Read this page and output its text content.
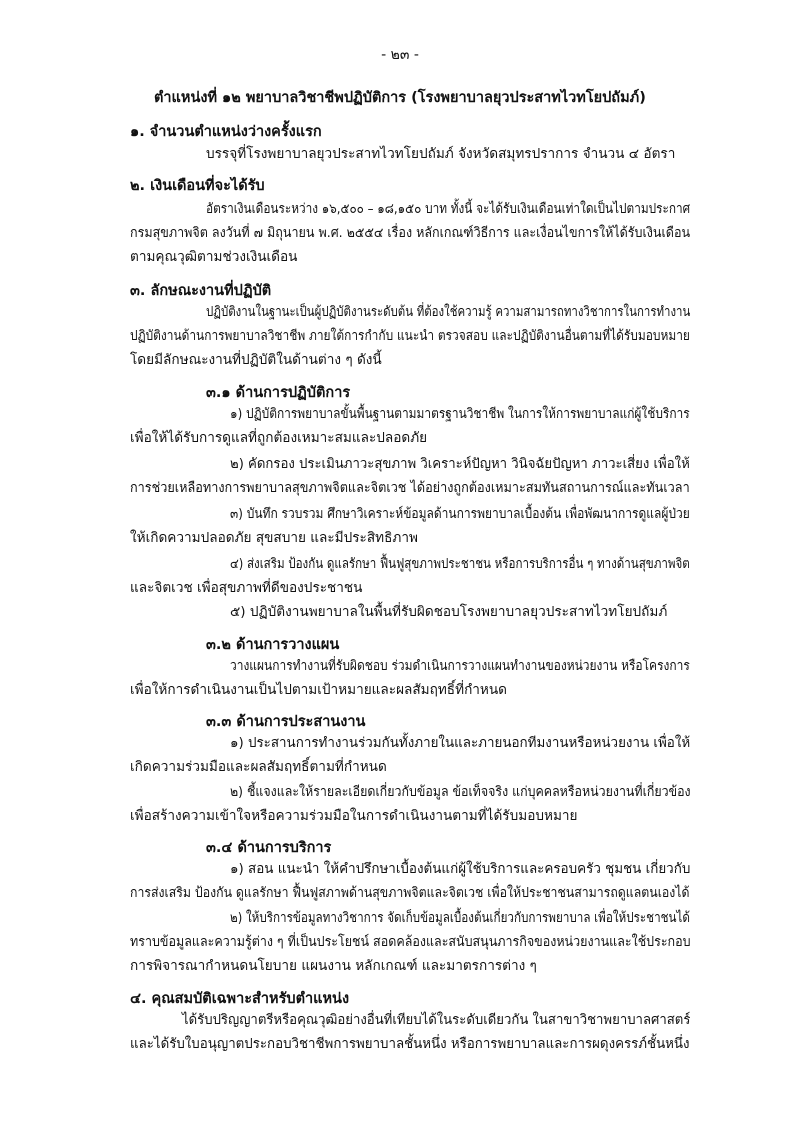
- ๒๓ -
ตำแหน่งที่ ๑๒ พยาบาลวิชาชีพปฏิบัติการ (โรงพยาบาลยุวประสาทไวทโยปถัมภ์)
๑. จำนวนตำแหน่งว่างครั้งแรก
บรรจุที่โรงพยาบาลยุวประสาทไวทโยปถัมภ์ จังหวัดสมุทรปราการ จำนวน ๔ อัตรา
๒. เงินเดือนที่จะได้รับ
อัตราเงินเดือนระหว่าง ๑๖,๕๐๐ – ๑๘,๑๕๐ บาท ทั้งนี้ จะได้รับเงินเดือนเท่าใดเป็นไปตามประกาศ
กรมสุขภาพจิต ลงวันที่ ๗ มิถุนายน พ.ศ. ๒๕๕๔ เรื่อง หลักเกณฑ์วิธีการ และเงื่อนไขการให้ได้รับเงินเดือน
ตามคุณวุฒิตามช่วงเงินเดือน
๓. ลักษณะงานที่ปฏิบัติ
ปฏิบัติงานในฐานะเป็นผู้ปฏิบัติงานระดับต้น ที่ต้องใช้ความรู้ ความสามารถทางวิชาการในการทำงาน
ปฏิบัติงานด้านการพยาบาลวิชาชีพ ภายใต้การกำกับ แนะนำ ตรวจสอบ และปฏิบัติงานอื่นตามที่ได้รับมอบหมาย
โดยมีลักษณะงานที่ปฏิบัติในด้านต่าง ๆ ดังนี้
๓.๑ ด้านการปฏิบัติการ
๑) ปฏิบัติการพยาบาลขั้นพื้นฐานตามมาตรฐานวิชาชีพ ในการให้การพยาบาลแก่ผู้ใช้บริการ
เพื่อให้ได้รับการดูแลที่ถูกต้องเหมาะสมและปลอดภัย
๒) คัดกรอง ประเมินภาวะสุขภาพ วิเคราะห์ปัญหา วินิจฉัยปัญหา ภาวะเสี่ยง เพื่อให้
การช่วยเหลือทางการพยาบาลสุขภาพจิตและจิตเวช ได้อย่างถูกต้องเหมาะสมทันสถานการณ์และทันเวลา
๓) บันทึก รวบรวม ศึกษาวิเคราะห์ข้อมูลด้านการพยาบาลเบื้องต้น เพื่อพัฒนาการดูแลผู้ป่วย
ให้เกิดความปลอดภัย สุขสบาย และมีประสิทธิภาพ
๔) ส่งเสริม ป้องกัน ดูแลรักษา ฟื้นฟูสุขภาพประชาชน หรือการบริการอื่น ๆ ทางด้านสุขภาพจิต
และจิตเวช เพื่อสุขภาพที่ดีของประชาชน
๕) ปฏิบัติงานพยาบาลในพื้นที่รับผิดชอบโรงพยาบาลยุวประสาทไวทโยปถัมภ์
๓.๒ ด้านการวางแผน
วางแผนการทำงานที่รับผิดชอบ ร่วมดำเนินการวางแผนทำงานของหน่วยงาน หรือโครงการ
เพื่อให้การดำเนินงานเป็นไปตามเป้าหมายและผลสัมฤทธิ์ที่กำหนด
๓.๓ ด้านการประสานงาน
๑) ประสานการทำงานร่วมกันทั้งภายในและภายนอกทีมงานหรือหน่วยงาน เพื่อให้
เกิดความร่วมมือและผลสัมฤทธิ์ตามที่กำหนด
๒) ชี้แจงและให้รายละเอียดเกี่ยวกับข้อมูล ข้อเท็จจริง แก่บุคคลหรือหน่วยงานที่เกี่ยวข้อง
เพื่อสร้างความเข้าใจหรือความร่วมมือในการดำเนินงานตามที่ได้รับมอบหมาย
๓.๔ ด้านการบริการ
๑) สอน แนะนำ ให้คำปรึกษาเบื้องต้นแก่ผู้ใช้บริการและครอบครัว ชุมชน เกี่ยวกับ
การส่งเสริม ป้องกัน ดูแลรักษา ฟื้นฟูสภาพด้านสุขภาพจิตและจิตเวช เพื่อให้ประชาชนสามารถดูแลตนเองได้
๒) ให้บริการข้อมูลทางวิชาการ จัดเก็บข้อมูลเบื้องต้นเกี่ยวกับการพยาบาล เพื่อให้ประชาชนได้
ทราบข้อมูลและความรู้ต่าง ๆ ที่เป็นประโยชน์ สอดคล้องและสนับสนุนภารกิจของหน่วยงานและใช้ประกอบ
การพิจารณากำหนดนโยบาย แผนงาน หลักเกณฑ์ และมาตรการต่าง ๆ
๔. คุณสมบัติเฉพาะสำหรับตำแหน่ง
ได้รับปริญญาตรีหรือคุณวุฒิอย่างอื่นที่เทียบได้ในระดับเดียวกัน ในสาขาวิชาพยาบาลศาสตร์
และได้รับใบอนุญาตประกอบวิชาชีพการพยาบาลชั้นหนึ่ง หรือการพยาบาลและการผดุงครรภ์ชั้นหนึ่ง
